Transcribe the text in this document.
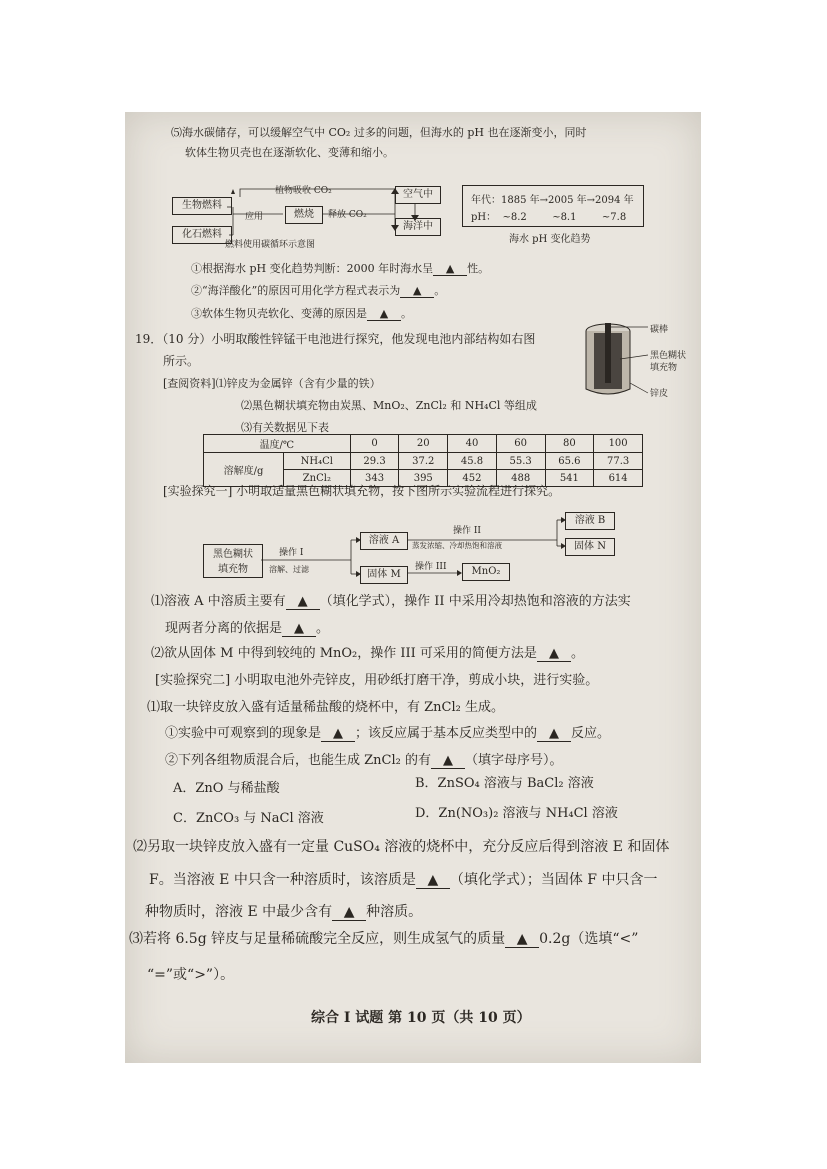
⑸海水碳储存，可以缓解空气中 CO₂ 过多的问题，但海水的 pH 也在逐渐变小，同时
软体生物贝壳也在逐渐软化、变薄和缩小。
生物燃料
化石燃料
植物吸收 CO₂
应用	燃烧	释放 CO₂
空气中
海洋中
燃料使用碳循环示意图
年代：1885 年→2005 年→2094 年
pH：  ~8.2        ~8.1        ~7.8
海水 pH 变化趋势
①根据海水 pH 变化趋势判断：2000 年时海水呈 ▲ 性。
②“海洋酸化”的原因可用化学方程式表示为 ▲ 。
③软体生物贝壳软化、变薄的原因是 ▲ 。
19．（10 分）小明取酸性锌锰干电池进行探究，他发现电池内部结构如右图
所示。
碳棒
黑色糊状
填充物
锌皮
[查阅资料]⑴锌皮为金属锌（含有少量的铁）
⑵黑色糊状填充物由炭黑、MnO₂、ZnCl₂ 和 NH₄Cl 等组成
⑶有关数据见下表
温度/℃		0	20	40	60	80	100
溶解度/g	NH₄Cl	29.3	37.2	45.8	55.3	65.6	77.3
	ZnCl₂	343	395	452	488	541	614
[实验探究一] 小明取适量黑色糊状填充物，按下图所示实验流程进行探究。
黑色糊状
填充物
操作 I
溶解、过滤
溶液 A
固体 M
操作 II
蒸发浓缩、冷却热饱和溶液
溶液 B
固体 N
操作 III	MnO₂
⑴溶液 A 中溶质主要有 ▲ （填化学式），操作 II 中采用冷却热饱和溶液的方法实
现两者分离的依据是 ▲ 。
⑵欲从固体 M 中得到较纯的 MnO₂，操作 III 可采用的简便方法是 ▲ 。
[实验探究二] 小明取电池外壳锌皮，用砂纸打磨干净，剪成小块，进行实验。
⑴取一块锌皮放入盛有适量稀盐酸的烧杯中，有 ZnCl₂ 生成。
①实验中可观察到的现象是 ▲ ；该反应属于基本反应类型中的 ▲ 反应。
②下列各组物质混合后，也能生成 ZnCl₂ 的有 ▲ （填字母序号）。
A．ZnO 与稀盐酸	B．ZnSO₄ 溶液与 BaCl₂ 溶液
C．ZnCO₃ 与 NaCl 溶液	D．Zn(NO₃)₂ 溶液与 NH₄Cl 溶液
⑵另取一块锌皮放入盛有一定量 CuSO₄ 溶液的烧杯中，充分反应后得到溶液 E 和固体
F。当溶液 E 中只含一种溶质时，该溶质是 ▲ （填化学式）；当固体 F 中只含一
种物质时，溶液 E 中最少含有 ▲ 种溶质。
⑶若将 6.5g 锌皮与足量稀硫酸完全反应，则生成氢气的质量 ▲ 0.2g（选填“<”
“=”或“>”）。
综合 I 试题 第 10 页（共 10 页）
